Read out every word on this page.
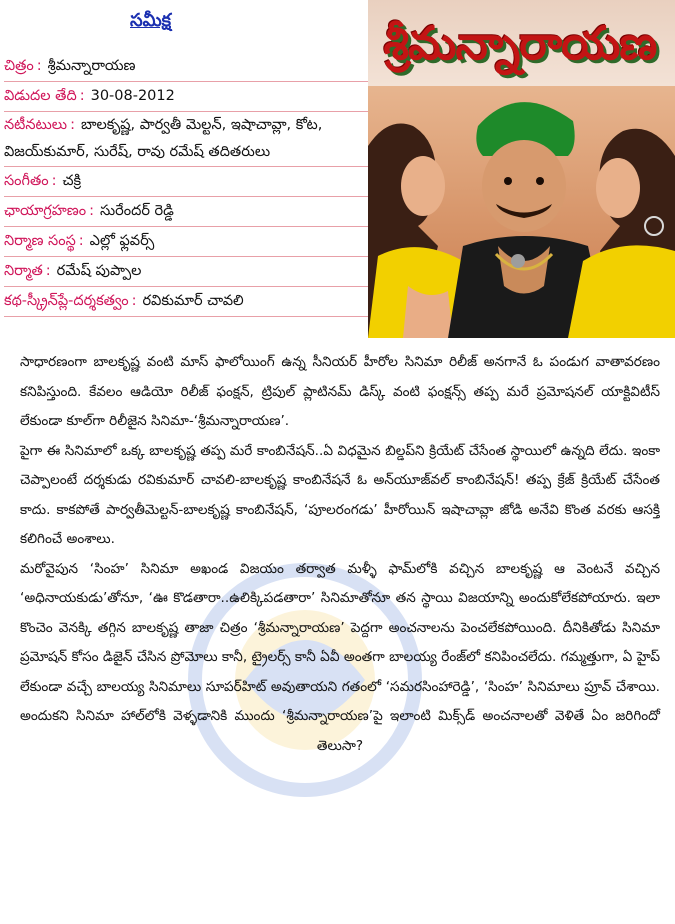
సమీక్ష
చిత్రం : శ్రీమన్నారాయణ
విడుదల తేది : 30-08-2012
నటీనటులు : బాలకృష్ణ, పార్వతీ మెల్టన్, ఇషాచావ్లా, కోట,
విజయ్‌కుమార్, సురేష్, రావు రమేష్ తదితరులు
సంగీతం : చక్రి
ఛాయాగ్రహణం : సురేందర్ రెడ్డి
నిర్మాణ సంస్థ : ఎల్లో ఫ్లవర్స్
నిర్మాత : రమేష్ పుప్పాల
కథ-స్క్రీన్‌ప్లే-దర్శకత్వం : రవికుమార్ చావలి
శ్రీమన్నారాయణ

సాధారణంగా బాలకృష్ణ వంటి మాస్ ఫాలోయింగ్ ఉన్న సీనియర్ హీరోల సినిమా రిలీజ్ అనగానే ఓ పండుగ వాతావరణం కనిపిస్తుంది. కేవలం ఆడియో రిలీజ్ ఫంక్షన్, ట్రిపుల్ ప్లాటినమ్ డిస్క్ వంటి ఫంక్షన్స్ తప్ప మరే ప్రమోషనల్ యాక్టివిటీస్ లేకుండా కూల్‌గా రిలీజైన సినిమా-‘శ్రీమన్నారాయణ’.

పైగా ఈ సినిమాలో ఒక్క బాలకృష్ణ తప్ప మరే కాంబినేషన్..ఏ విధమైన బిల్డప్‌ని క్రియేట్ చేసేంత స్థాయిలో ఉన్నది లేదు. ఇంకా చెప్పాలంటే దర్శకుడు రవికుమార్ చావలి-బాలకృష్ణ కాంబినేషనే ఓ అన్‌యూజ్‌వల్ కాంబినేషన్! తప్ప క్రేజ్ క్రియేట్ చేసేంత కాదు. కాకపోతే పార్వతీమెల్టన్-బాలకృష్ణ కాంబినేషన్, ‘పూలరంగడు’ హీరోయిన్ ఇషాచావ్లా జోడి అనేవి కొంత వరకు ఆసక్తి కలిగించే అంశాలు.

మరోవైపున ‘సింహ’ సినిమా అఖండ విజయం తర్వాత మళ్ళీ ఫామ్‌లోకి వచ్చిన బాలకృష్ణ ఆ వెంటనే వచ్చిన ‘అధినాయకుడు’తోనూ, ‘ఊ కొడతారా..ఉలిక్కిపడతారా’ సినిమాతోనూ తన స్థాయి విజయాన్ని అందుకోలేకపోయారు. ఇలా కొంచెం వెనక్కి తగ్గిన బాలకృష్ణ తాజా చిత్రం ‘శ్రీమన్నారాయణ’ పెద్దగా అంచనాలను పెంచలేకపోయింది. దీనికితోడు సినిమా ప్రమోషన్ కోసం డిజైన్ చేసిన ప్రోమోలు కానీ, ట్రైలర్స్ కానీ ఏవీ అంతగా బాలయ్య రేంజ్‌లో కనిపించలేదు. గమ్మత్తుగా, ఏ హైప్ లేకుండా వచ్చే బాలయ్య సినిమాలు సూపర్‌హిట్ అవుతాయని గతంలో ‘సమరసింహారెడ్డి’, ‘సింహ’ సినిమాలు ప్రూవ్ చేశాయి. అందుకని సినిమా హాల్‌లోకి వెళ్ళడానికి ముందు ‘శ్రీమన్నారాయణ’పై ఇలాంటి మిక్స్‌డ్ అంచనాలతో వెళితే ఏం జరిగిందో తెలుసా?
